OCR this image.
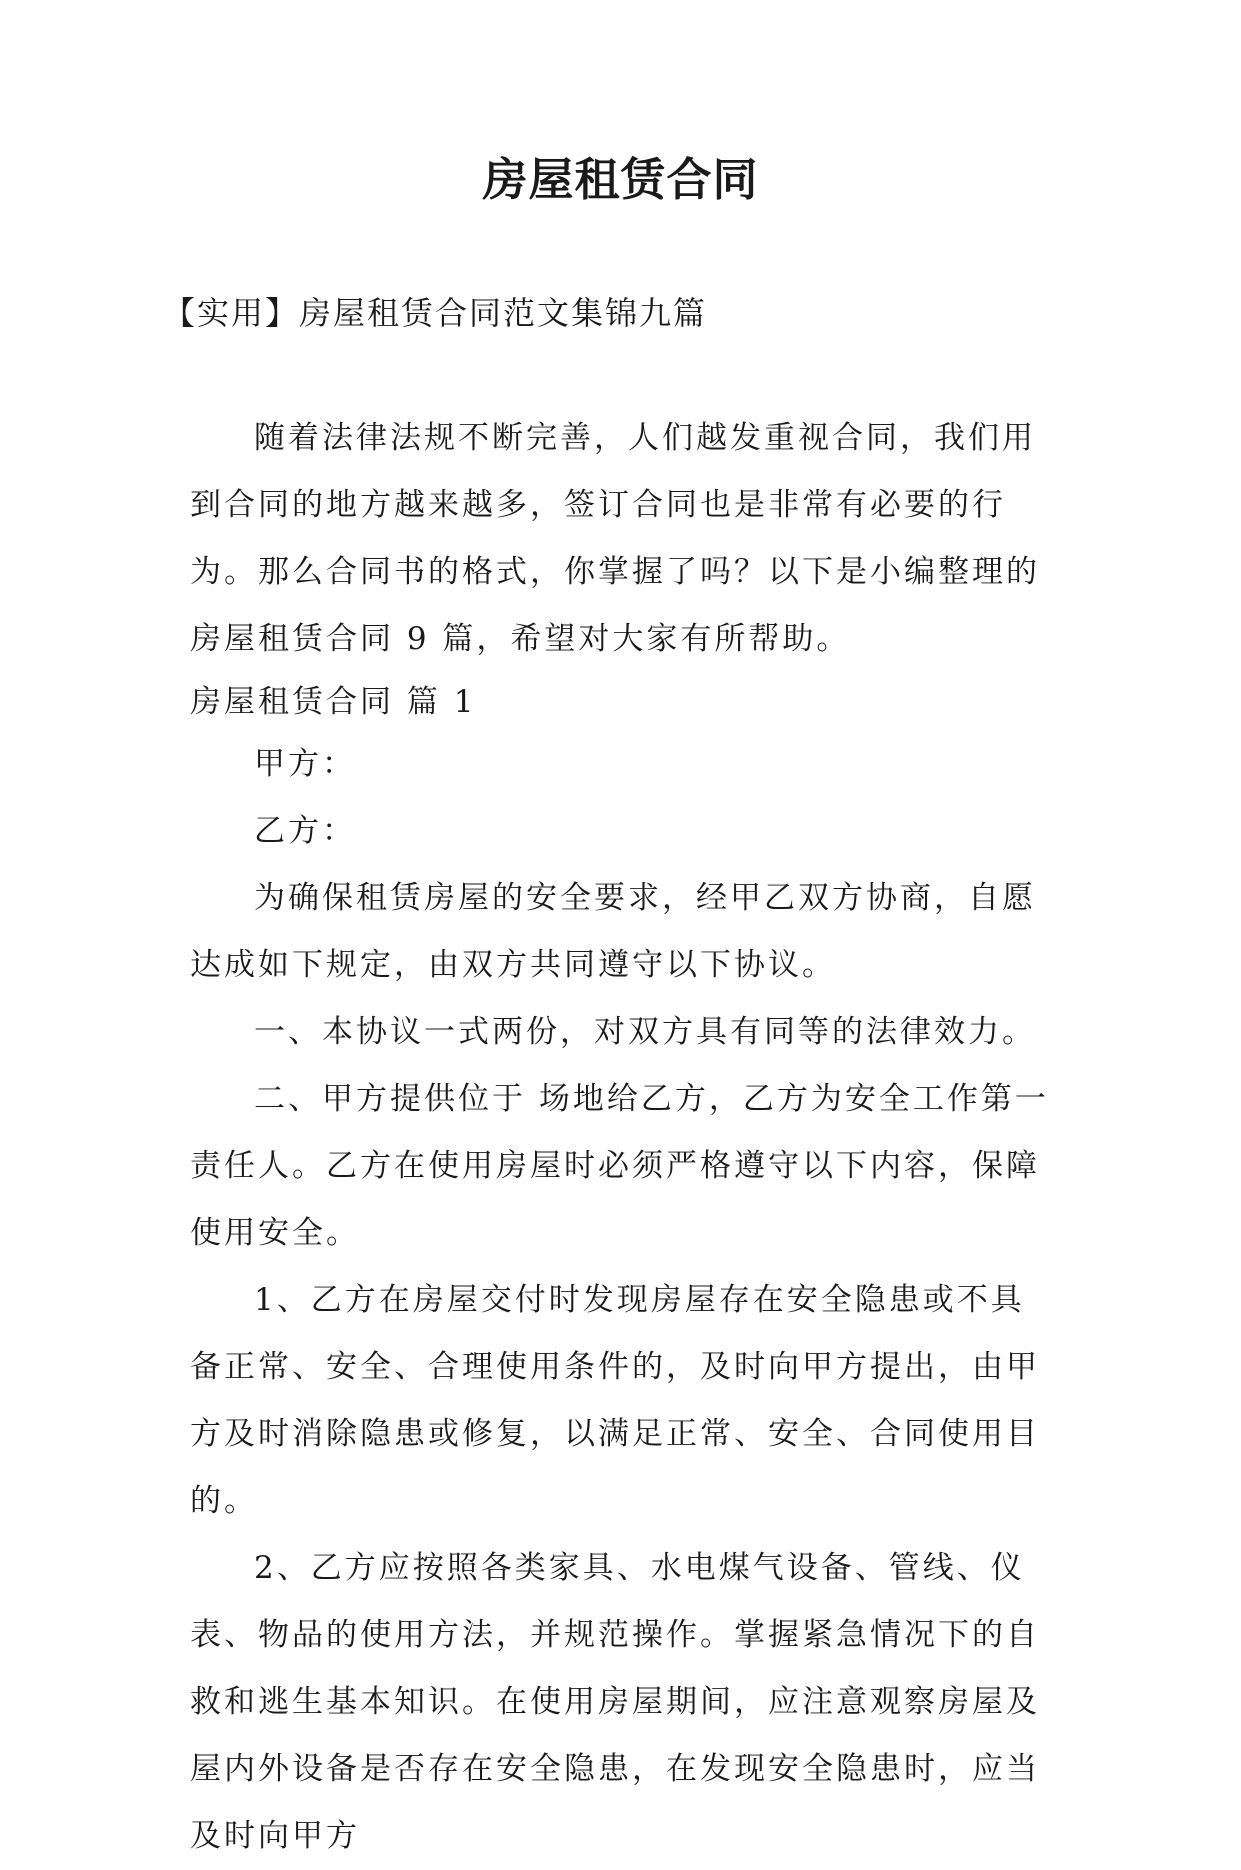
房屋租赁合同
【实用】房屋租赁合同范文集锦九篇

随着法律法规不断完善，人们越发重视合同，我们用到合同的地方越来越多，签订合同也是非常有必要的行为。那么合同书的格式，你掌握了吗？以下是小编整理的房屋租赁合同 9 篇，希望对大家有所帮助。

房屋租赁合同 篇 1

甲方：

乙方：

为确保租赁房屋的安全要求，经甲乙双方协商，自愿达成如下规定，由双方共同遵守以下协议。

一、本协议一式两份，对双方具有同等的法律效力。

二、甲方提供位于 场地给乙方，乙方为安全工作第一责任人。乙方在使用房屋时必须严格遵守以下内容，保障使用安全。

1、乙方在房屋交付时发现房屋存在安全隐患或不具备正常、安全、合理使用条件的，及时向甲方提出，由甲方及时消除隐患或修复，以满足正常、安全、合同使用目的。

2、乙方应按照各类家具、水电煤气设备、管线、仪表、物品的使用方法，并规范操作。掌握紧急情况下的自救和逃生基本知识。在使用房屋期间，应注意观察房屋及屋内外设备是否存在安全隐患，在发现安全隐患时，应当及时向甲方
